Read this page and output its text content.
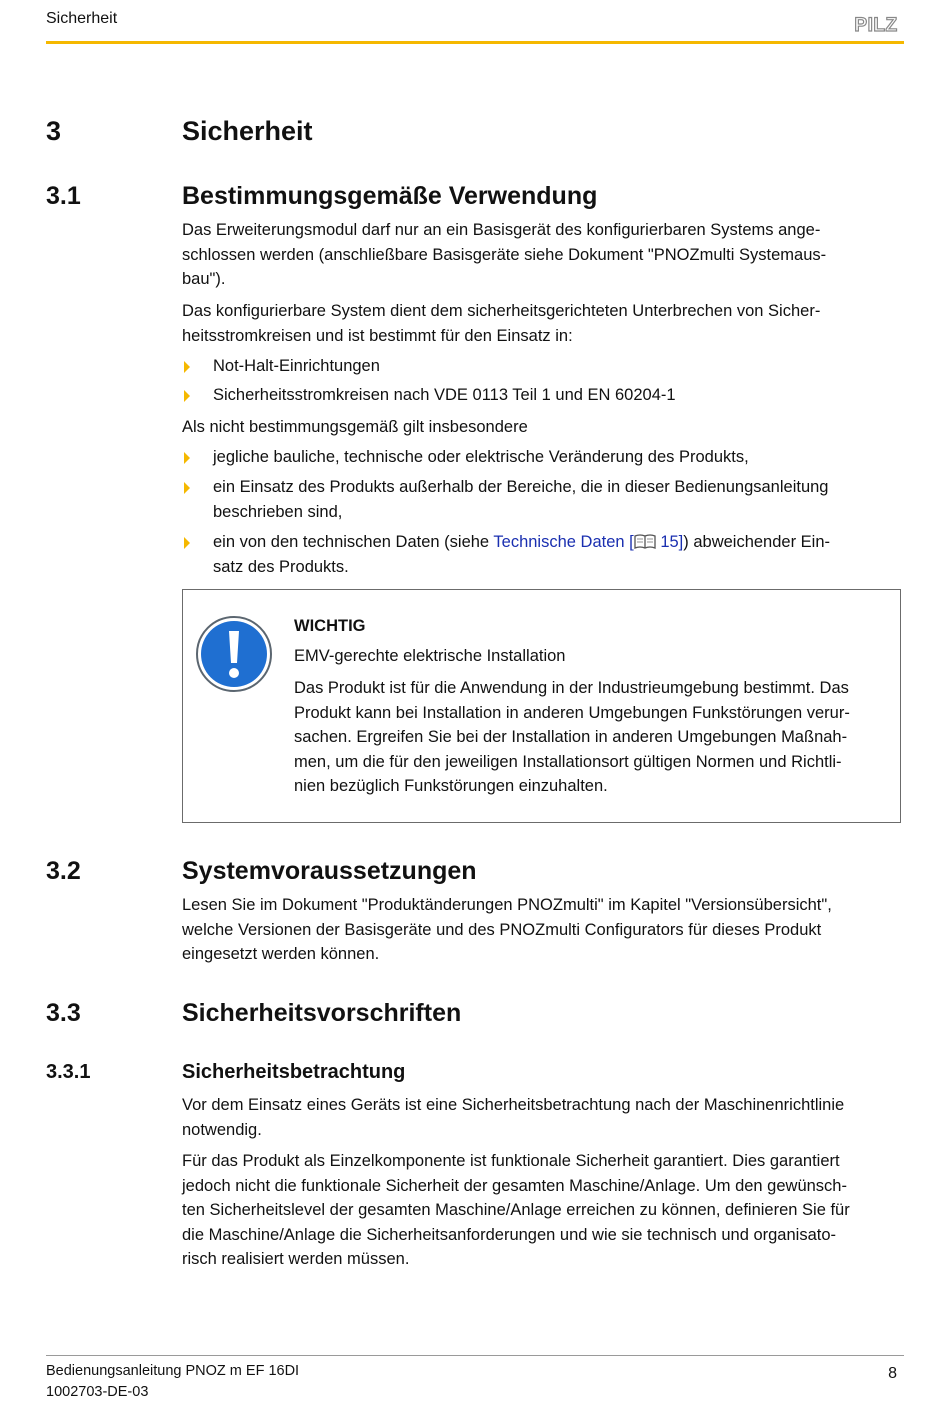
Sicherheit	PILZ
3	Sicherheit
3.1	Bestimmungsgemäße Verwendung

Das Erweiterungsmodul darf nur an ein Basisgerät des konfigurierbaren Systems ange-
schlossen werden (anschließbare Basisgeräte siehe Dokument "PNOZmulti Systemaus-
bau").

Das konfigurierbare System dient dem sicherheitsgerichteten Unterbrechen von Sicher-
heitsstromkreisen und ist bestimmt für den Einsatz in:

Not-Halt-Einrichtungen
Sicherheitsstromkreisen nach VDE 0113 Teil 1 und EN 60204-1

Als nicht bestimmungsgemäß gilt insbesondere

jegliche bauliche, technische oder elektrische Veränderung des Produkts,
ein Einsatz des Produkts außerhalb der Bereiche, die in dieser Bedienungsanleitung
beschrieben sind,
ein von den technischen Daten (siehe Technische Daten [ 15]) abweichender Ein-
satz des Produkts.
WICHTIG
EMV-gerechte elektrische Installation

Das Produkt ist für die Anwendung in der Industrieumgebung bestimmt. Das
Produkt kann bei Installation in anderen Umgebungen Funkstörungen verur-
sachen. Ergreifen Sie bei der Installation in anderen Umgebungen Maßnah-
men, um die für den jeweiligen Installationsort gültigen Normen und Richtli-
nien bezüglich Funkstörungen einzuhalten.

3.2	Systemvoraussetzungen

Lesen Sie im Dokument "Produktänderungen PNOZmulti" im Kapitel "Versionsübersicht",
welche Versionen der Basisgeräte und des PNOZmulti Configurators für dieses Produkt
eingesetzt werden können.

3.3	Sicherheitsvorschriften
3.3.1	Sicherheitsbetrachtung

Vor dem Einsatz eines Geräts ist eine Sicherheitsbetrachtung nach der Maschinenrichtlinie
notwendig.

Für das Produkt als Einzelkomponente ist funktionale Sicherheit garantiert. Dies garantiert
jedoch nicht die funktionale Sicherheit der gesamten Maschine/Anlage. Um den gewünsch-
ten Sicherheitslevel der gesamten Maschine/Anlage erreichen zu können, definieren Sie für
die Maschine/Anlage die Sicherheitsanforderungen und wie sie technisch und organisato-
risch realisiert werden müssen.

Bedienungsanleitung PNOZ m EF 16DI
1002703-DE-03
8
